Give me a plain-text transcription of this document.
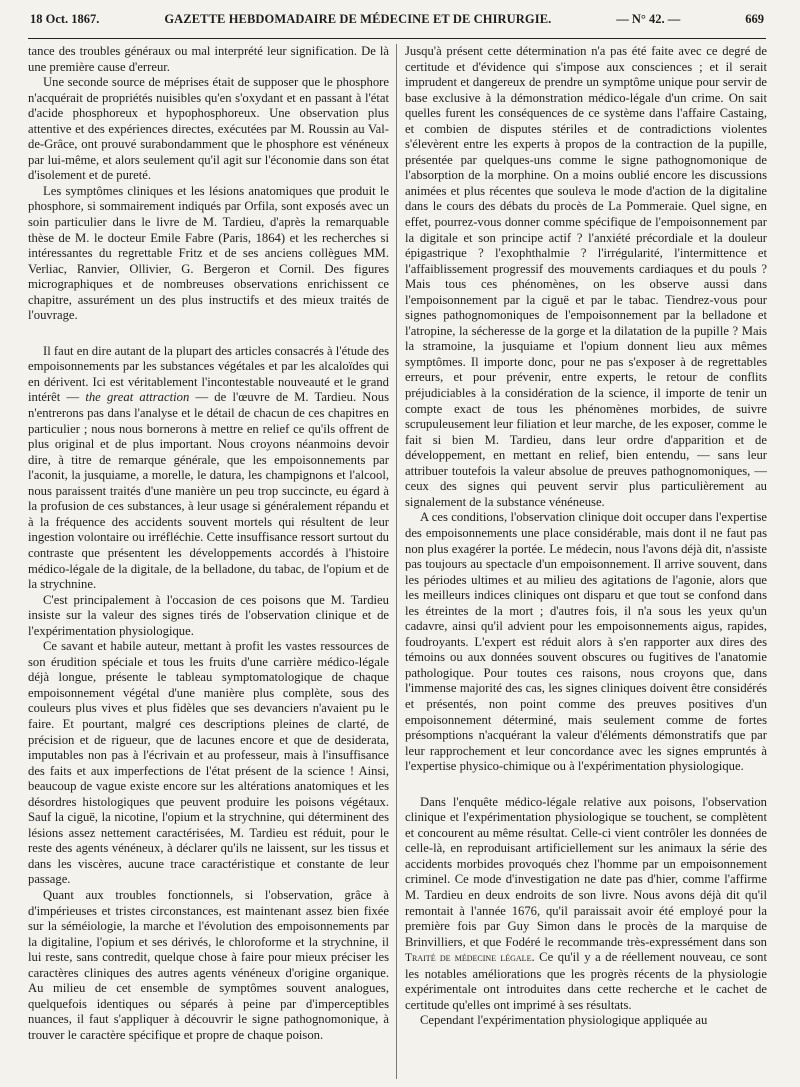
18 Oct. 1867.	GAZETTE HEBDOMADAIRE DE MÉDECINE ET DE CHIRURGIE.	— N° 42. —	669

tance des troubles généraux ou mal interprété leur signification. De là une première cause d'erreur.

Une seconde source de méprises était de supposer que le phosphore n'acquérait de propriétés nuisibles qu'en s'oxydant et en passant à l'état d'acide phosphoreux et hypophosphoreux. Une observation plus attentive et des expériences directes, exécutées par M. Roussin au Val-de-Grâce, ont prouvé surabondamment que le phosphore est vénéneux par lui-même, et alors seulement qu'il agit sur l'économie dans son état d'isolement et de pureté.

Les symptômes cliniques et les lésions anatomiques que produit le phosphore, si sommairement indiqués par Orfila, sont exposés avec un soin particulier dans le livre de M. Tardieu, d'après la remarquable thèse de M. le docteur Emile Fabre (Paris, 1864) et les recherches si intéressantes du regrettable Fritz et de ses anciens collègues MM. Verliac, Ranvier, Ollivier, G. Bergeron et Cornil. Des figures micrographiques et de nombreuses observations enrichissent ce chapitre, assurément un des plus instructifs et des mieux traités de l'ouvrage.

Il faut en dire autant de la plupart des articles consacrés à l'étude des empoisonnements par les substances végétales et par les alcaloïdes qui en dérivent. Ici est véritablement l'incontestable nouveauté et le grand intérêt — the great attraction — de l'œuvre de M. Tardieu. Nous n'entrerons pas dans l'analyse et le détail de chacun de ces chapitres en particulier ; nous nous bornerons à mettre en relief ce qu'ils offrent de plus original et de plus important. Nous croyons néanmoins devoir dire, à titre de remarque générale, que les empoisonnements par l'aconit, la jusquiame, a morelle, le datura, les champignons et l'alcool, nous paraissent traités d'une manière un peu trop succincte, eu égard à la profusion de ces substances, à leur usage si généralement répandu et à la fréquence des accidents souvent mortels qui résultent de leur ingestion volontaire ou irréfléchie. Cette insuffisance ressort surtout du contraste que présentent les développements accordés à l'histoire médico-légale de la digitale, de la belladone, du tabac, de l'opium et de la strychnine.

C'est principalement à l'occasion de ces poisons que M. Tardieu insiste sur la valeur des signes tirés de l'observation clinique et de l'expérimentation physiologique.

Ce savant et habile auteur, mettant à profit les vastes ressources de son érudition spéciale et tous les fruits d'une carrière médico-légale déjà longue, présente le tableau symptomatologique de chaque empoisonnement végétal d'une manière plus complète, sous des couleurs plus vives et plus fidèles que ses devanciers n'avaient pu le faire. Et pourtant, malgré ces descriptions pleines de clarté, de précision et de rigueur, que de lacunes encore et que de desiderata, imputables non pas à l'écrivain et au professeur, mais à l'insuffisance des faits et aux imperfections de l'état présent de la science ! Ainsi, beaucoup de vague existe encore sur les altérations anatomiques et les désordres histologiques que peuvent produire les poisons végétaux. Sauf la ciguë, la nicotine, l'opium et la strychnine, qui déterminent des lésions assez nettement caractérisées, M. Tardieu est réduit, pour le reste des agents vénéneux, à déclarer qu'ils ne laissent, sur les tissus et dans les viscères, aucune trace caractéristique et constante de leur passage.

Quant aux troubles fonctionnels, si l'observation, grâce à d'impérieuses et tristes circonstances, est maintenant assez bien fixée sur la séméiologie, la marche et l'évolution des empoisonnements par la digitaline, l'opium et ses dérivés, le chloroforme et la strychnine, il lui reste, sans contredit, quelque chose à faire pour mieux préciser les caractères cliniques des autres agents vénéneux d'origine organique. Au milieu de cet ensemble de symptômes souvent analogues, quelquefois identiques ou séparés à peine par d'imperceptibles nuances, il faut s'appliquer à découvrir le signe pathognomonique, à trouver le caractère spécifique et propre de chaque poison.

Jusqu'à présent cette détermination n'a pas été faite avec ce degré de certitude et d'évidence qui s'impose aux consciences ; et il serait imprudent et dangereux de prendre un symptôme unique pour servir de base exclusive à la démonstration médico-légale d'un crime. On sait quelles furent les conséquences de ce système dans l'affaire Castaing, et combien de disputes stériles et de contradictions violentes s'élevèrent entre les experts à propos de la contraction de la pupille, présentée par quelques-uns comme le signe pathognomonique de l'absorption de la morphine. On a moins oublié encore les discussions animées et plus récentes que souleva le mode d'action de la digitaline dans le cours des débats du procès de La Pommeraie. Quel signe, en effet, pourrez-vous donner comme spécifique de l'empoisonnement par la digitale et son principe actif ? l'anxiété précordiale et la douleur épigastrique ? l'exophthalmie ? l'irrégularité, l'intermittence et l'affaiblissement progressif des mouvements cardiaques et du pouls ? Mais tous ces phénomènes, on les observe aussi dans l'empoisonnement par la ciguë et par le tabac. Tiendrez-vous pour signes pathognomoniques de l'empoisonnement par la belladone et l'atropine, la sécheresse de la gorge et la dilatation de la pupille ? Mais la stramoine, la jusquiame et l'opium donnent lieu aux mêmes symptômes. Il importe donc, pour ne pas s'exposer à de regrettables erreurs, et pour prévenir, entre experts, le retour de conflits préjudiciables à la considération de la science, il importe de tenir un compte exact de tous les phénomènes morbides, de suivre scrupuleusement leur filiation et leur marche, de les exposer, comme le fait si bien M. Tardieu, dans leur ordre d'apparition et de développement, en mettant en relief, bien entendu, — sans leur attribuer toutefois la valeur absolue de preuves pathognomoniques, — ceux des signes qui peuvent servir plus particulièrement au signalement de la substance vénéneuse.

A ces conditions, l'observation clinique doit occuper dans l'expertise des empoisonnements une place considérable, mais dont il ne faut pas non plus exagérer la portée. Le médecin, nous l'avons déjà dit, n'assiste pas toujours au spectacle d'un empoisonnement. Il arrive souvent, dans les périodes ultimes et au milieu des agitations de l'agonie, alors que les meilleurs indices cliniques ont disparu et que tout se confond dans les étreintes de la mort ; d'autres fois, il n'a sous les yeux qu'un cadavre, ainsi qu'il advient pour les empoisonnements aigus, rapides, foudroyants. L'expert est réduit alors à s'en rapporter aux dires des témoins ou aux données souvent obscures ou fugitives de l'anatomie pathologique. Pour toutes ces raisons, nous croyons que, dans l'immense majorité des cas, les signes cliniques doivent être considérés et présentés, non point comme des preuves positives d'un empoisonnement déterminé, mais seulement comme de fortes présomptions n'acquérant la valeur d'éléments démonstratifs que par leur rapprochement et leur concordance avec les signes empruntés à l'expertise physico-chimique ou à l'expérimentation physiologique.

Dans l'enquête médico-légale relative aux poisons, l'observation clinique et l'expérimentation physiologique se touchent, se complètent et concourent au même résultat. Celle-ci vient contrôler les données de celle-là, en reproduisant artificiellement sur les animaux la série des accidents morbides provoqués chez l'homme par un empoisonnement criminel. Ce mode d'investigation ne date pas d'hier, comme l'affirme M. Tardieu en deux endroits de son livre. Nous avons déjà dit qu'il remontait à l'année 1676, qu'il paraissait avoir été employé pour la première fois par Guy Simon dans le procès de la marquise de Brinvilliers, et que Fodéré le recommande très-expressément dans son Traité de médecine légale. Ce qu'il y a de réellement nouveau, ce sont les notables améliorations que les progrès récents de la physiologie expérimentale ont introduites dans cette recherche et le cachet de certitude qu'elles ont imprimé à ses résultats.

Cependant l'expérimentation physiologique appliquée au
